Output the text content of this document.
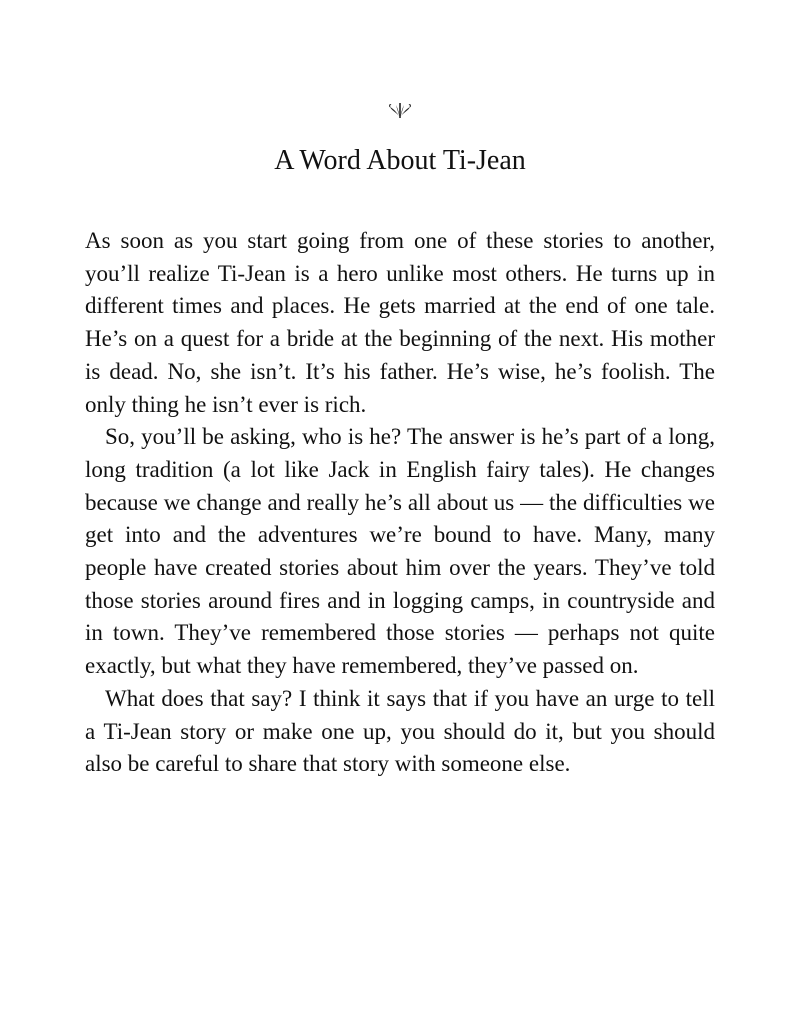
A Word About Ti-Jean

As soon as you start going from one of these stories to another, you’ll realize Ti-Jean is a hero unlike most others. He turns up in different times and places. He gets married at the end of one tale. He’s on a quest for a bride at the beginning of the next. His mother is dead. No, she isn’t. It’s his father. He’s wise, he’s foolish. The only thing he isn’t ever is rich.

So, you’ll be asking, who is he? The answer is he’s part of a long, long tradition (a lot like Jack in English fairy tales). He changes because we change and really he’s all about us — the difficulties we get into and the adventures we’re bound to have. Many, many people have created stories about him over the years. They’ve told those stories around fires and in logging camps, in countryside and in town. They’ve remembered those stories — perhaps not quite exactly, but what they have remembered, they’ve passed on.

What does that say? I think it says that if you have an urge to tell a Ti-Jean story or make one up, you should do it, but you should also be careful to share that story with someone else.
